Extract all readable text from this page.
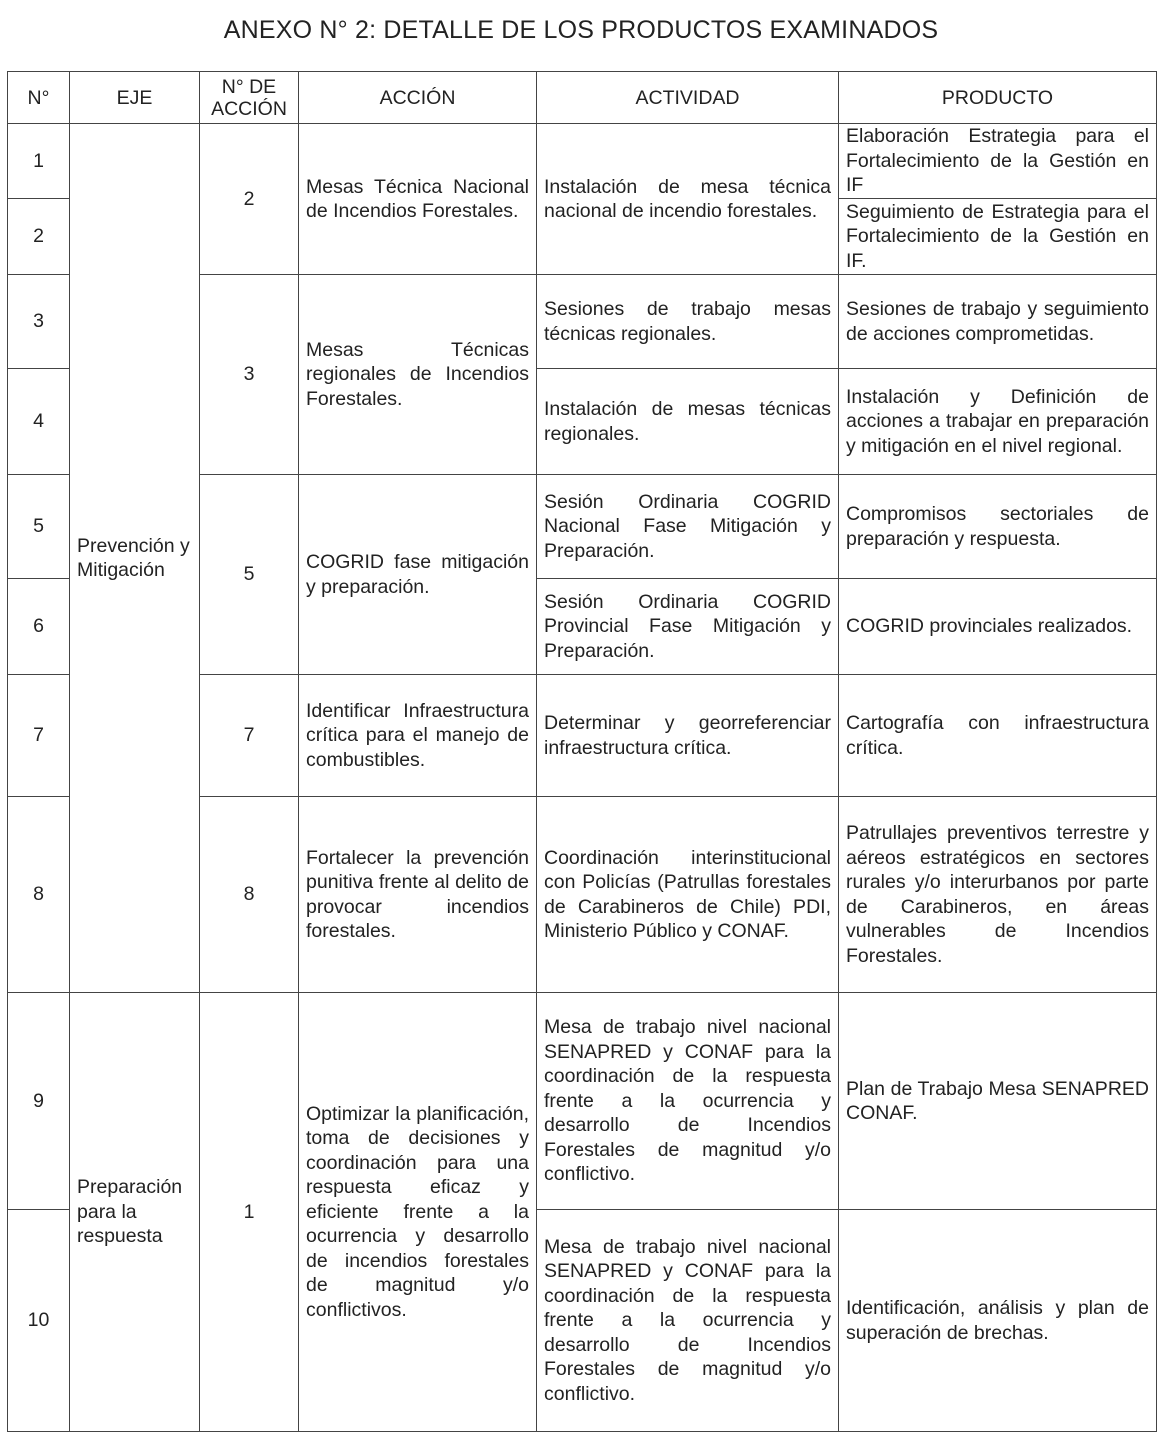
ANEXO N° 2: DETALLE DE LOS PRODUCTOS EXAMINADOS
N°	EJE	N° DE ACCIÓN	ACCIÓN	ACTIVIDAD	PRODUCTO
1	Prevención y Mitigación	2	Mesas Técnica Nacional de Incendios Forestales.	Instalación de mesa técnica nacional de incendio forestales.	Elaboración Estrategia para el Fortalecimiento de la Gestión en IF
2					Seguimiento de Estrategia para el Fortalecimiento de la Gestión en IF.
3		3	Mesas Técnicas regionales de Incendios Forestales.	Sesiones de trabajo mesas técnicas regionales.	Sesiones de trabajo y seguimiento de acciones comprometidas.
4				Instalación de mesas técnicas regionales.	Instalación y Definición de acciones a trabajar en preparación y mitigación en el nivel regional.
5		5	COGRID fase mitigación y preparación.	Sesión Ordinaria COGRID Nacional Fase Mitigación y Preparación.	Compromisos sectoriales de preparación y respuesta.
6				Sesión Ordinaria COGRID Provincial Fase Mitigación y Preparación.	COGRID provinciales realizados.
7		7	Identificar Infraestructura crítica para el manejo de combustibles.	Determinar y georreferenciar infraestructura crítica.	Cartografía con infraestructura crítica.
8		8	Fortalecer la prevención punitiva frente al delito de provocar incendios forestales.	Coordinación interinstitucional con Policías (Patrullas forestales de Carabineros de Chile) PDI, Ministerio Público y CONAF.	Patrullajes preventivos terrestre y aéreos estratégicos en sectores rurales y/o interurbanos por parte de Carabineros, en áreas vulnerables de Incendios Forestales.
9	Preparación para la respuesta	1	Optimizar la planificación, toma de decisiones y coordinación para una respuesta eficaz y eficiente frente a la ocurrencia y desarrollo de incendios forestales de magnitud y/o conflictivos.	Mesa de trabajo nivel nacional SENAPRED y CONAF para la coordinación de la respuesta frente a la ocurrencia y desarrollo de Incendios Forestales de magnitud y/o conflictivo.	Plan de Trabajo Mesa SENAPRED CONAF.
10				Mesa de trabajo nivel nacional SENAPRED y CONAF para la coordinación de la respuesta frente a la ocurrencia y desarrollo de Incendios Forestales de magnitud y/o conflictivo.	Identificación, análisis y plan de superación de brechas.
